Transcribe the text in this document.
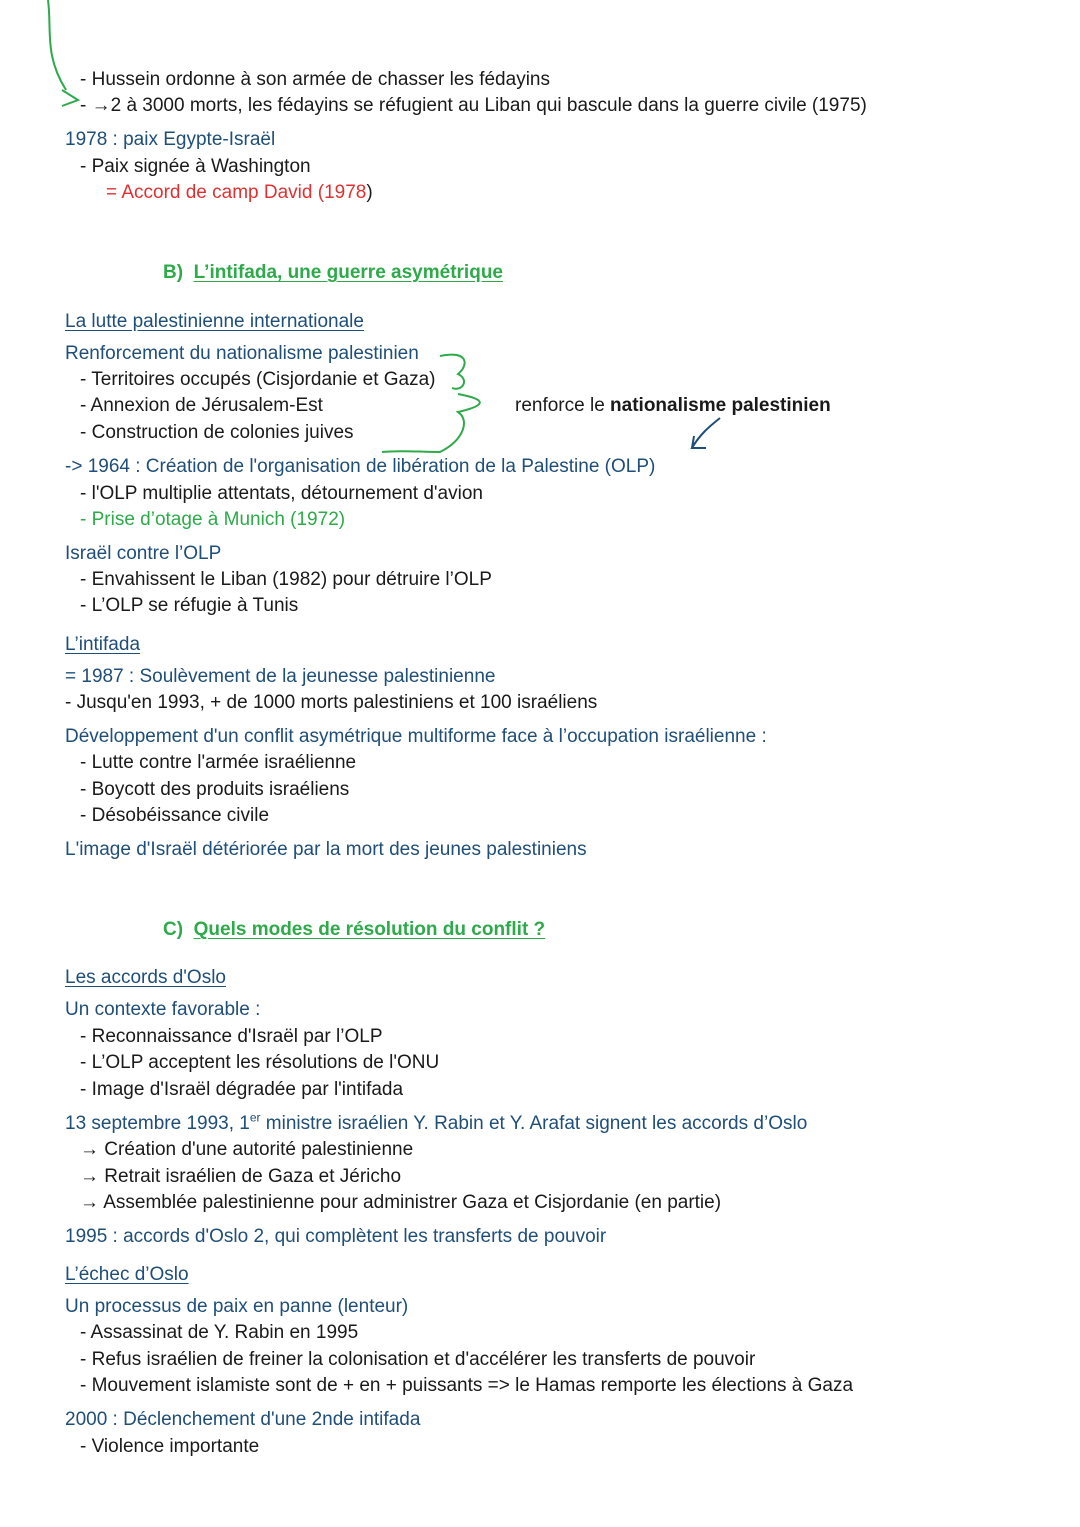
- Hussein ordonne à son armée de chasser les fédayins
- →2 à 3000 morts, les fédayins se réfugient au Liban qui bascule dans la guerre civile (1975)
1978 : paix Egypte-Israël
- Paix signée à Washington
= Accord de camp David (1978)
B) L’intifada, une guerre asymétrique
La lutte palestinienne internationale
Renforcement du nationalisme palestinien
- Territoires occupés (Cisjordanie et Gaza)
- Annexion de Jérusalem-Est
- Construction de colonies juives
renforce le nationalisme palestinien
-> 1964 : Création de l'organisation de libération de la Palestine (OLP)
- l'OLP multiplie attentats, détournement d'avion
- Prise d’otage à Munich (1972)
Israël contre l’OLP
- Envahissent le Liban (1982) pour détruire l’OLP
- L’OLP se réfugie à Tunis
L’intifada
= 1987 : Soulèvement de la jeunesse palestinienne
- Jusqu'en 1993, + de 1000 morts palestiniens et 100 israéliens
Développement d'un conflit asymétrique multiforme face à l’occupation israélienne :
- Lutte contre l'armée israélienne
- Boycott des produits israéliens
- Désobéissance civile
L'image d'Israël détériorée par la mort des jeunes palestiniens
C) Quels modes de résolution du conflit ?
Les accords d'Oslo
Un contexte favorable :
- Reconnaissance d'Israël par l’OLP
- L’OLP acceptent les résolutions de l'ONU
- Image d'Israël dégradée par l'intifada
13 septembre 1993, 1er ministre israélien Y. Rabin et Y. Arafat signent les accords d’Oslo
→ Création d'une autorité palestinienne
→ Retrait israélien de Gaza et Jéricho
→ Assemblée palestinienne pour administrer Gaza et Cisjordanie (en partie)
1995 : accords d'Oslo 2, qui complètent les transferts de pouvoir
L’échec d’Oslo
Un processus de paix en panne (lenteur)
- Assassinat de Y. Rabin en 1995
- Refus israélien de freiner la colonisation et d'accélérer les transferts de pouvoir
- Mouvement islamiste sont de + en + puissants => le Hamas remporte les élections à Gaza
2000 : Déclenchement d'une 2nde intifada
- Violence importante
